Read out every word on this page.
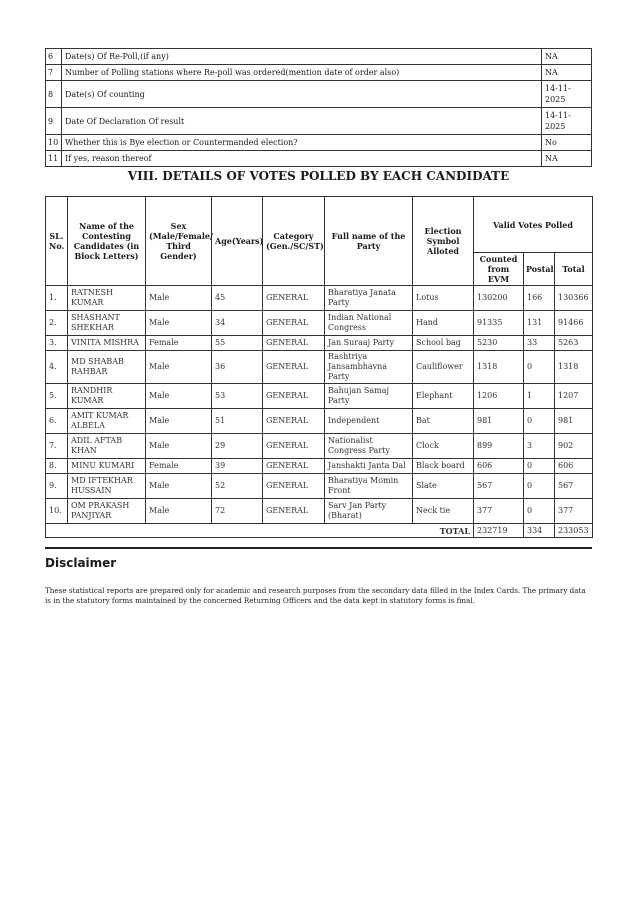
6	Date(s) Of Re-Poll,(if any)	NA
7	Number of Polling stations where Re-poll was ordered(mention date of order also)	NA
8	Date(s) Of counting	14-11-2025
9	Date Of Declaration Of result	14-11-2025
10	Whether this is Bye election or Countermanded election?	No
11	If yes, reason thereof	NA
VIII. DETAILS OF VOTES POLLED BY EACH CANDIDATE
SL. No.	Name of the Contesting Candidates (in Block Letters)	Sex (Male/Female/ Third Gender)	Age(Years)	Category (Gen./SC/ST)	Full name of the Party	Election Symbol Alloted	Valid Votes Polled		
							Counted from EVM	Postal	Total
1.	RATNESH KUMAR	Male	45	GENERAL	Bharatiya Janata Party	Lotus	130200	166	130366
2.	SHASHANT SHEKHAR	Male	34	GENERAL	Indian National Congress	Hand	91335	131	91466
3.	VINITA MISHRA	Female	55	GENERAL	Jan Suraaj Party	School bag	5230	33	5263
4.	MD SHABAB RAHBAR	Male	36	GENERAL	Rashtriya Jansambhavna Party	Cauliflower	1318	0	1318
5.	RANDHIR KUMAR	Male	53	GENERAL	Bahujan Samaj Party	Elephant	1206	1	1207
6.	AMIT KUMAR ALBELA	Male	51	GENERAL	Independent	Bat	981	0	981
7.	ADIL AFTAB KHAN	Male	29	GENERAL	Nationalist Congress Party	Clock	899	3	902
8.	MINU KUMARI	Female	39	GENERAL	Janshakti Janta Dal	Black board	606	0	606
9.	MD IFTEKHAR HUSSAIN	Male	52	GENERAL	Bharatiya Momin Front	Slate	567	0	567
10.	OM PRAKASH PANJIYAR	Male	72	GENERAL	Sarv Jan Party (Bharat)	Neck tie	377	0	377
TOTAL							232719	334	233053
Disclaimer

These statistical reports are prepared only for academic and research purposes from the secondary data filled in the Index Cards. The primary data is in the statutory forms maintained by the concerned Returning Officers and the data kept in statutory forms is final.
